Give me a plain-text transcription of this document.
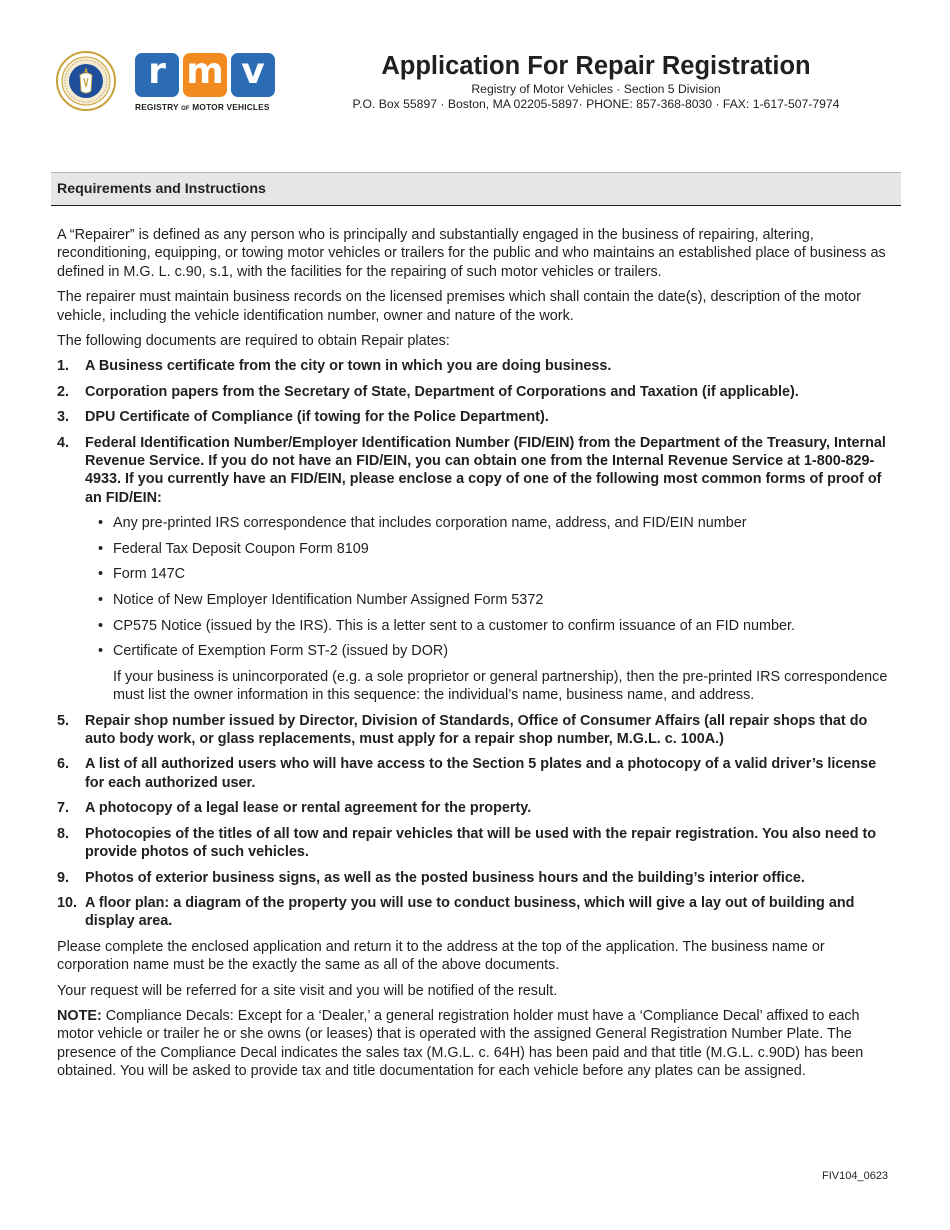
r m v
REGISTRY OF MOTOR VEHICLES
Application For Repair Registration

Registry of Motor Vehicles · Section 5 Division

P.O. Box 55897 · Boston, MA 02205-5897· PHONE: 857-368-8030 · FAX: 1-617-507-7974

Requirements and Instructions

A “Repairer” is defined as any person who is principally and substantially engaged in the business of repairing, altering, reconditioning, equipping, or towing motor vehicles or trailers for the public and who maintains an established place of business as defined in M.G. L. c.90, s.1, with the facilities for the repairing of such motor vehicles or trailers.

The repairer must maintain business records on the licensed premises which shall contain the date(s), description of the motor vehicle, including the vehicle identification number, owner and nature of the work.

The following documents are required to obtain Repair plates:

1. A Business certificate from the city or town in which you are doing business.
2. Corporation papers from the Secretary of State, Department of Corporations and Taxation (if applicable).
3. DPU Certificate of Compliance (if towing for the Police Department).
4. Federal Identification Number/Employer Identification Number (FID/EIN) from the Department of the Treasury, Internal Revenue Service. If you do not have an FID/EIN, you can obtain one from the Internal Revenue Service at 1-800-829-4933. If you currently have an FID/EIN, please enclose a copy of one of the following most common forms of proof of an FID/EIN:
• Any pre-printed IRS correspondence that includes corporation name, address, and FID/EIN number
• Federal Tax Deposit Coupon Form 8109
• Form 147C
• Notice of New Employer Identification Number Assigned Form 5372
• CP575 Notice (issued by the IRS). This is a letter sent to a customer to confirm issuance of an FID number.
• Certificate of Exemption Form ST-2 (issued by DOR)

If your business is unincorporated (e.g. a sole proprietor or general partnership), then the pre-printed IRS correspondence must list the owner information in this sequence: the individual’s name, business name, and address.

5. Repair shop number issued by Director, Division of Standards, Office of Consumer Affairs (all repair shops that do auto body work, or glass replacements, must apply for a repair shop number, M.G.L. c. 100A.)
6. A list of all authorized users who will have access to the Section 5 plates and a photocopy of a valid driver’s license for each authorized user.
7. A photocopy of a legal lease or rental agreement for the property.
8. Photocopies of the titles of all tow and repair vehicles that will be used with the repair registration. You also need to provide photos of such vehicles.
9. Photos of exterior business signs, as well as the posted business hours and the building’s interior office.
10. A floor plan: a diagram of the property you will use to conduct business, which will give a lay out of building and display area.

Please complete the enclosed application and return it to the address at the top of the application. The business name or corporation name must be the exactly the same as all of the above documents.

Your request will be referred for a site visit and you will be notified of the result.

NOTE: Compliance Decals: Except for a ‘Dealer,’ a general registration holder must have a ‘Compliance Decal’ affixed to each motor vehicle or trailer he or she owns (or leases) that is operated with the assigned General Registration Number Plate. The presence of the Compliance Decal indicates the sales tax (M.G.L. c. 64H) has been paid and that title (M.G.L. c.90D) has been obtained. You will be asked to provide tax and title documentation for each vehicle before any plates can be assigned.

FIV104_0623
